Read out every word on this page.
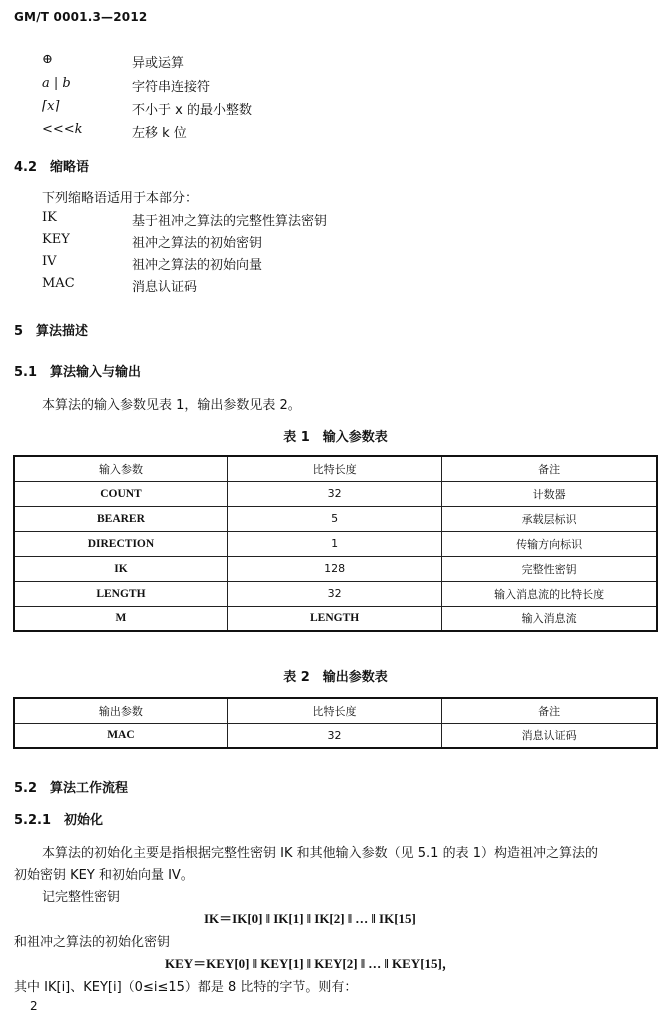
GM/T 0001.3—2012
⊕	异或运算
a | b	字符串连接符
⌈x⌉	不小于 x 的最小整数
<<<k	左移 k 位
4.2　缩略语
下列缩略语适用于本部分：
IK	基于祖冲之算法的完整性算法密钥
KEY	祖冲之算法的初始密钥
IV	祖冲之算法的初始向量
MAC	消息认证码
5　算法描述
5.1　算法输入与输出
本算法的输入参数见表 1，输出参数见表 2。
表 1　输入参数表
输入参数	比特长度	备注
COUNT	32	计数器
BEARER	5	承载层标识
DIRECTION	1	传输方向标识
IK	128	完整性密钥
LENGTH	32	输入消息流的比特长度
M	LENGTH	输入消息流
表 2　输出参数表
输出参数	比特长度	备注
MAC	32	消息认证码
5.2　算法工作流程
5.2.1　初始化
本算法的初始化主要是指根据完整性密钥 IK 和其他输入参数（见 5.1 的表 1）构造祖冲之算法的
初始密钥 KEY 和初始向量 IV。
记完整性密钥
IK＝IK[0] ‖ IK[1] ‖ IK[2] ‖ … ‖ IK[15]
和祖冲之算法的初始化密钥
KEY＝KEY[0] ‖ KEY[1] ‖ KEY[2] ‖ … ‖ KEY[15]，
其中 IK[i]、KEY[i]（0≤i≤15）都是 8 比特的字节。则有：
2
